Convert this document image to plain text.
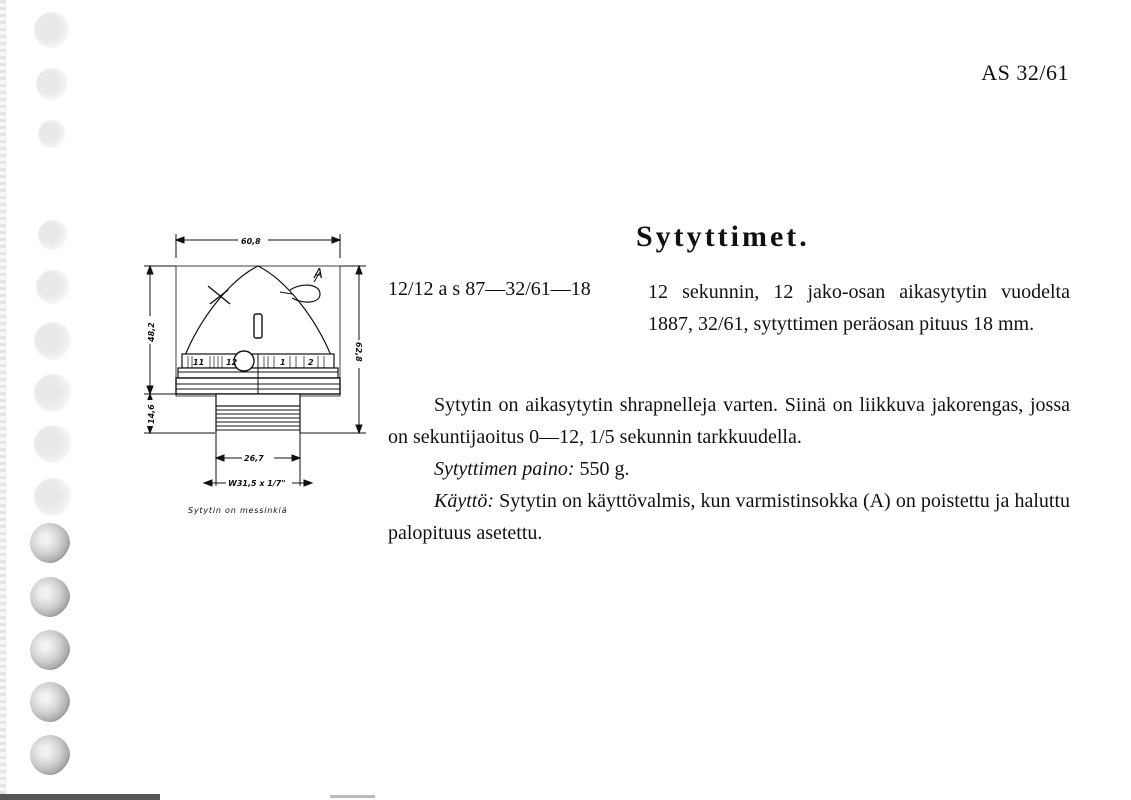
AS 32/61
Sytyttimet.
12/12 a s 87—32/61—18	12 sekunnin, 12 jako-osan aikasytytin vuodelta 1887, 32/61, sytyttimen peräosan pituus 18 mm.

Sytytin on aikasytytin shrapnelleja varten. Siinä on liikkuva jakorengas, jossa on sekuntijaoitus 0—12, 1/5 sekunnin tarkkuudella.

Sytyttimen paino: 550 g.

Käyttö: Sytytin on käyttövalmis, kun varmistinsokka (A) on poistettu ja haluttu palopituus asetettu.

60,8
48,2
14,6
62,8
26,7
W31,5 x 1/7"
A
11	12	1	2
Sytytin on messinkiä
